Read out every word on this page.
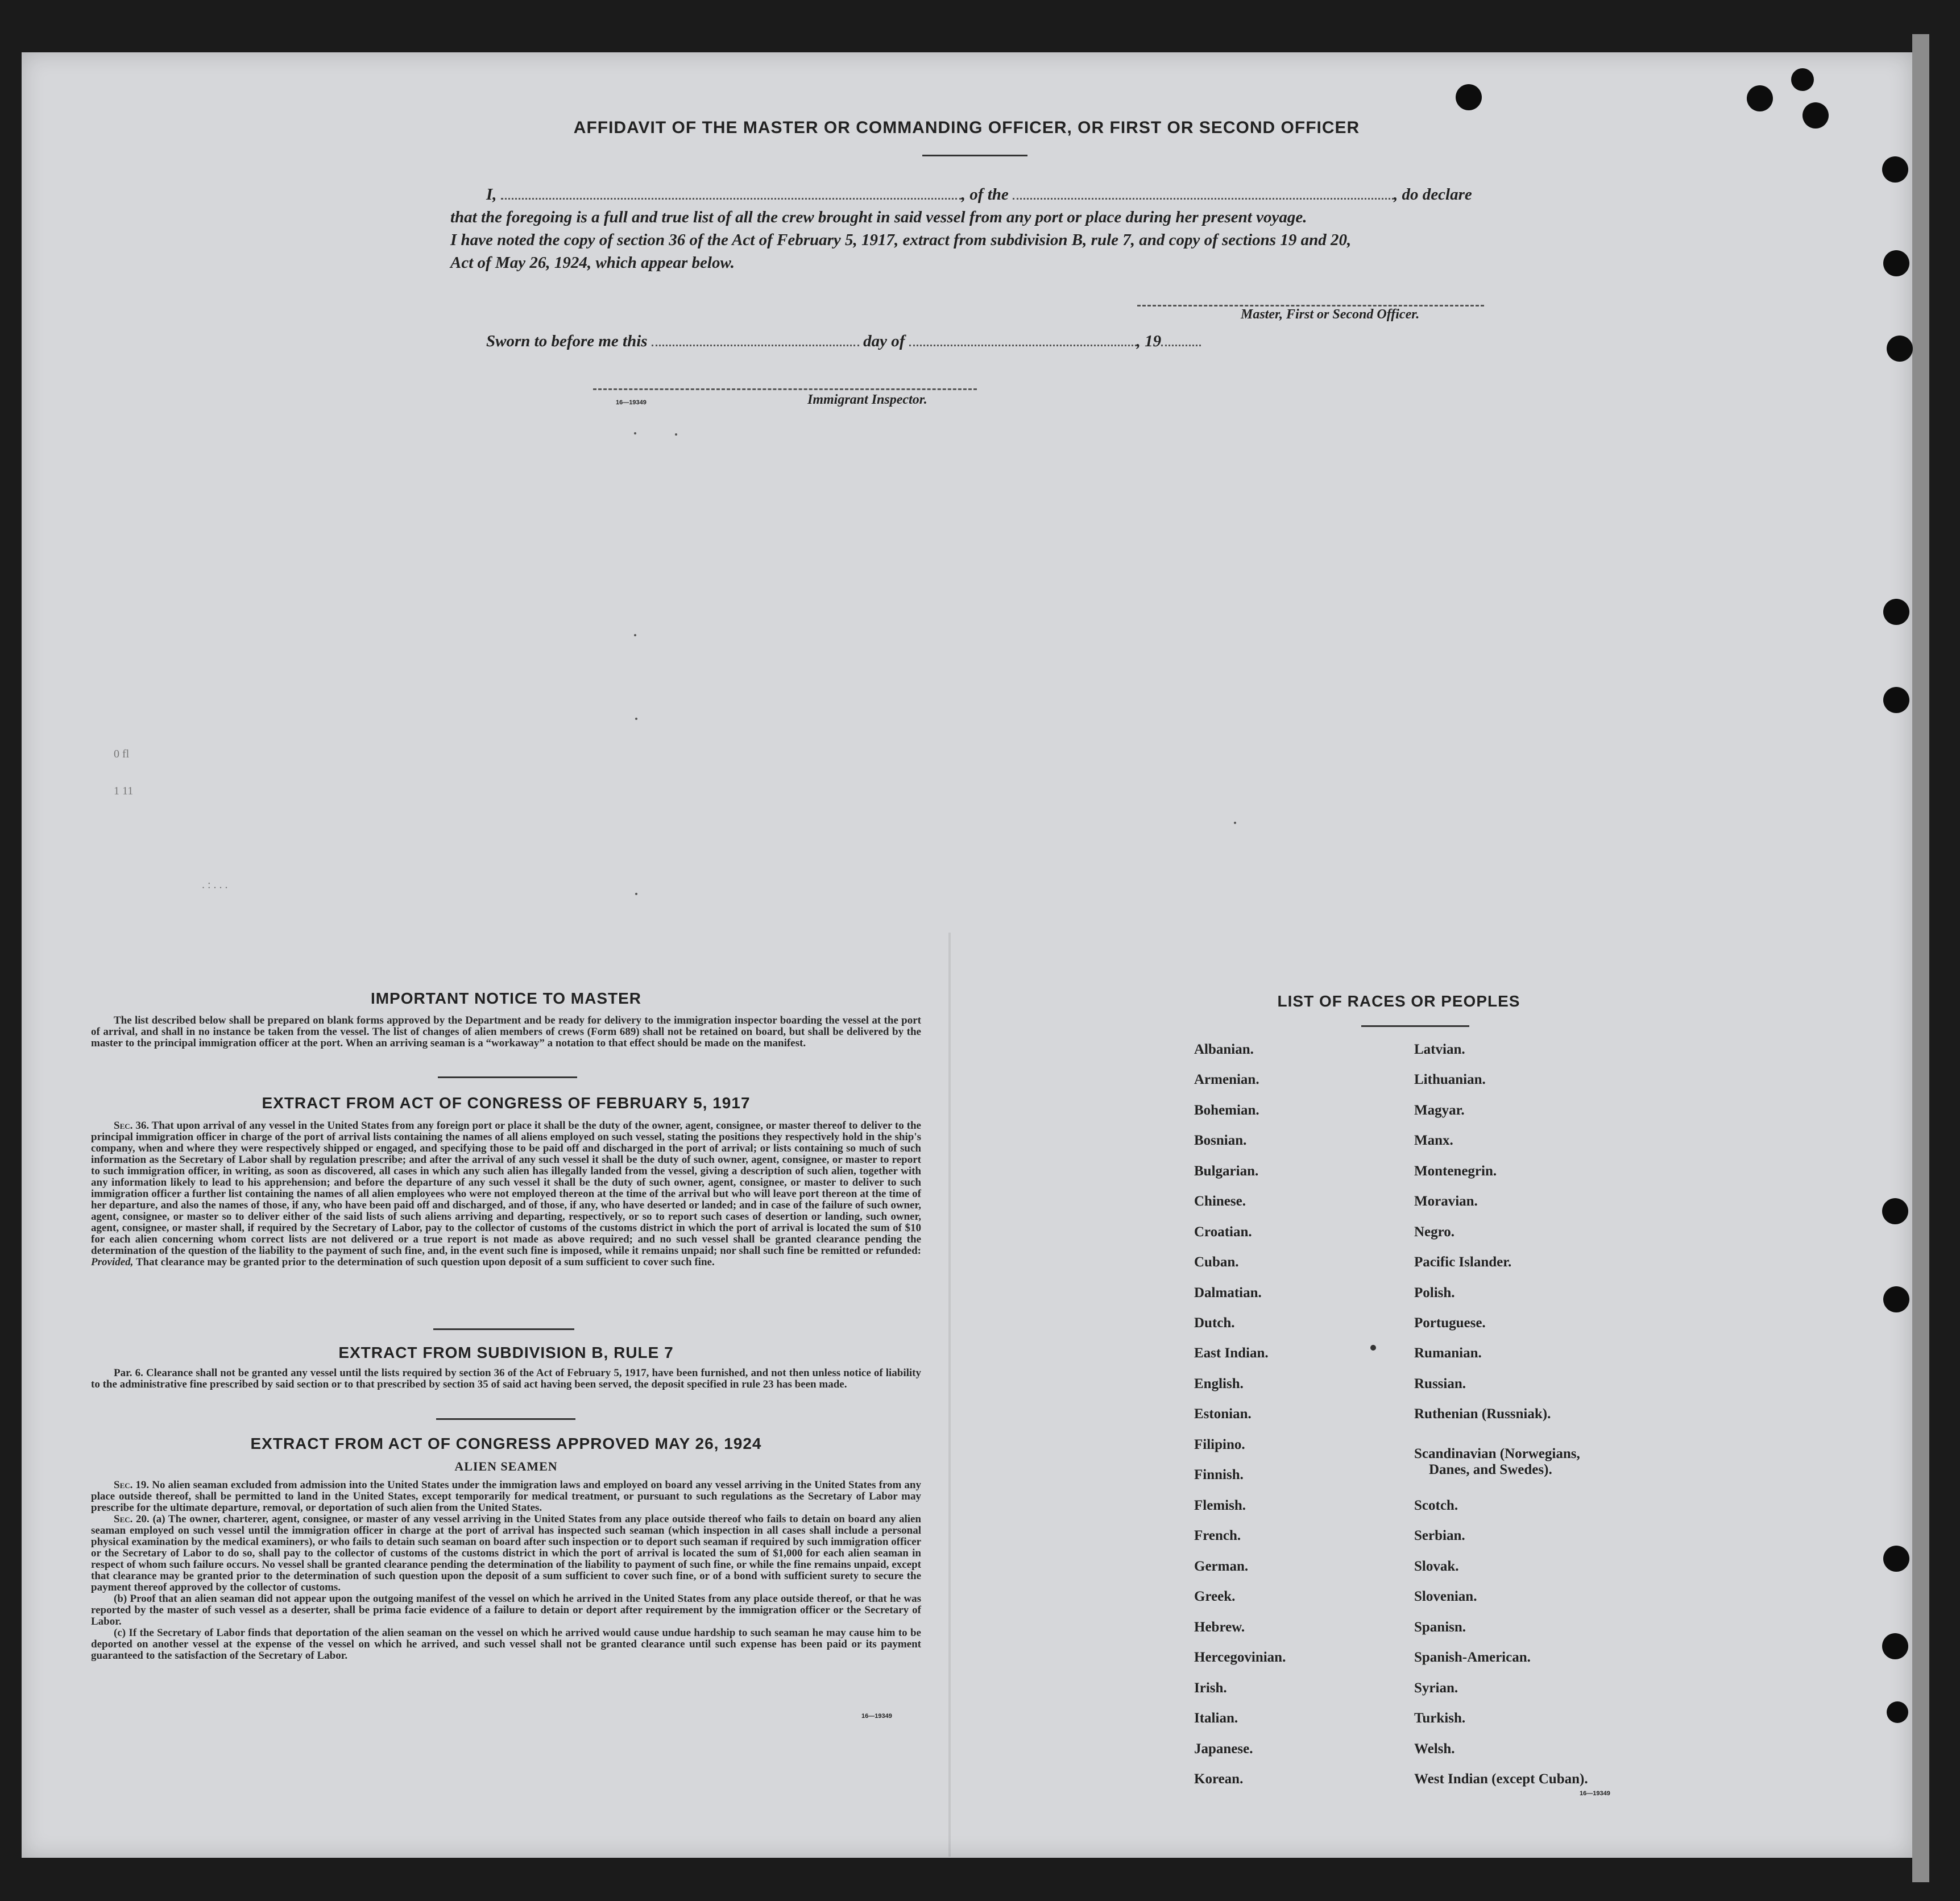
AFFIDAVIT OF THE MASTER OR COMMANDING OFFICER, OR FIRST OR SECOND OFFICER
I,	, of the	, do declare
that the foregoing is a full and true list of all the crew brought in said vessel from any port or place during her present voyage.
I have noted the copy of section 36 of the Act of February 5, 1917, extract from subdivision B, rule 7, and copy of sections 19 and 20,
Act of May 26, 1924, which appear below.
Master, First or Second Officer.
Sworn to before me this	day of	, 19
16—19349	Immigrant Inspector.
0 fl
1 11
. : . . .
IMPORTANT NOTICE TO MASTER

The list described below shall be prepared on blank forms approved by the Department and be ready for delivery to the immigration inspector boarding the vessel at the port of arrival, and shall in no instance be taken from the vessel. The list of changes of alien members of crews (Form 689) shall not be retained on board, but shall be delivered by the master to the principal immigration officer at the port. When an arriving seaman is a “workaway” a notation to that effect should be made on the manifest.

EXTRACT FROM ACT OF CONGRESS OF FEBRUARY 5, 1917

Sec. 36. That upon arrival of any vessel in the United States from any foreign port or place it shall be the duty of the owner, agent, consignee, or master thereof to deliver to the principal immigration officer in charge of the port of arrival lists containing the names of all aliens employed on such vessel, stating the positions they respectively hold in the ship's company, when and where they were respectively shipped or engaged, and specifying those to be paid off and discharged in the port of arrival; or lists containing so much of such information as the Secretary of Labor shall by regulation prescribe; and after the arrival of any such vessel it shall be the duty of such owner, agent, consignee, or master to report to such immigration officer, in writing, as soon as discovered, all cases in which any such alien has illegally landed from the vessel, giving a description of such alien, together with any information likely to lead to his apprehension; and before the departure of any such vessel it shall be the duty of such owner, agent, consignee, or master to deliver to such immigration officer a further list containing the names of all alien employees who were not employed thereon at the time of the arrival but who will leave port thereon at the time of her departure, and also the names of those, if any, who have been paid off and discharged, and of those, if any, who have deserted or landed; and in case of the failure of such owner, agent, consignee, or master so to deliver either of the said lists of such aliens arriving and departing, respectively, or so to report such cases of desertion or landing, such owner, agent, consignee, or master shall, if required by the Secretary of Labor, pay to the collector of customs of the customs district in which the port of arrival is located the sum of $10 for each alien concerning whom correct lists are not delivered or a true report is not made as above required; and no such vessel shall be granted clearance pending the determination of the question of the liability to the payment of such fine, and, in the event such fine is imposed, while it remains unpaid; nor shall such fine be remitted or refunded: Provided, That clearance may be granted prior to the determination of such question upon deposit of a sum sufficient to cover such fine.

EXTRACT FROM SUBDIVISION B, RULE 7

Par. 6. Clearance shall not be granted any vessel until the lists required by section 36 of the Act of February 5, 1917, have been furnished, and not then unless notice of liability to the administrative fine prescribed by said section or to that prescribed by section 35 of said act having been served, the deposit specified in rule 23 has been made.

EXTRACT FROM ACT OF CONGRESS APPROVED MAY 26, 1924
ALIEN SEAMEN

Sec. 19. No alien seaman excluded from admission into the United States under the immigration laws and employed on board any vessel arriving in the United States from any place outside thereof, shall be permitted to land in the United States, except temporarily for medical treatment, or pursuant to such regulations as the Secretary of Labor may prescribe for the ultimate departure, removal, or deportation of such alien from the United States.

Sec. 20. (a) The owner, charterer, agent, consignee, or master of any vessel arriving in the United States from any place outside thereof who fails to detain on board any alien seaman employed on such vessel until the immigration officer in charge at the port of arrival has inspected such seaman (which inspection in all cases shall include a personal physical examination by the medical examiners), or who fails to detain such seaman on board after such inspection or to deport such seaman if required by such immigration officer or the Secretary of Labor to do so, shall pay to the collector of customs of the customs district in which the port of arrival is located the sum of $1,000 for each alien seaman in respect of whom such failure occurs. No vessel shall be granted clearance pending the determination of the liability to payment of such fine, or while the fine remains unpaid, except that clearance may be granted prior to the determination of such question upon the deposit of a sum sufficient to cover such fine, or of a bond with sufficient surety to secure the payment thereof approved by the collector of customs.

(b) Proof that an alien seaman did not appear upon the outgoing manifest of the vessel on which he arrived in the United States from any place outside thereof, or that he was reported by the master of such vessel as a deserter, shall be prima facie evidence of a failure to detain or deport after requirement by the immigration officer or the Secretary of Labor.

(c) If the Secretary of Labor finds that deportation of the alien seaman on the vessel on which he arrived would cause undue hardship to such seaman he may cause him to be deported on another vessel at the expense of the vessel on which he arrived, and such vessel shall not be granted clearance until such expense has been paid or its payment guaranteed to the satisfaction of the Secretary of Labor.

16—19349
LIST OF RACES OR PEOPLES
Albanian.
Armenian.
Bohemian.
Bosnian.
Bulgarian.
Chinese.
Croatian.
Cuban.
Dalmatian.
Dutch.
East Indian.
English.
Estonian.
Filipino.
Finnish.
Flemish.
French.
German.
Greek.
Hebrew.
Hercegovinian.
Irish.
Italian.
Japanese.
Korean.
Latvian.
Lithuanian.
Magyar.
Manx.
Montenegrin.
Moravian.
Negro.
Pacific Islander.
Polish.
Portuguese.
Rumanian.
Russian.
Ruthenian (Russniak).
Scandinavian (Norwegians,
Danes, and Swedes).
Scotch.
Serbian.
Slovak.
Slovenian.
Spanisn.
Spanish-American.
Syrian.
Turkish.
Welsh.
West Indian (except Cuban).
16—19349
